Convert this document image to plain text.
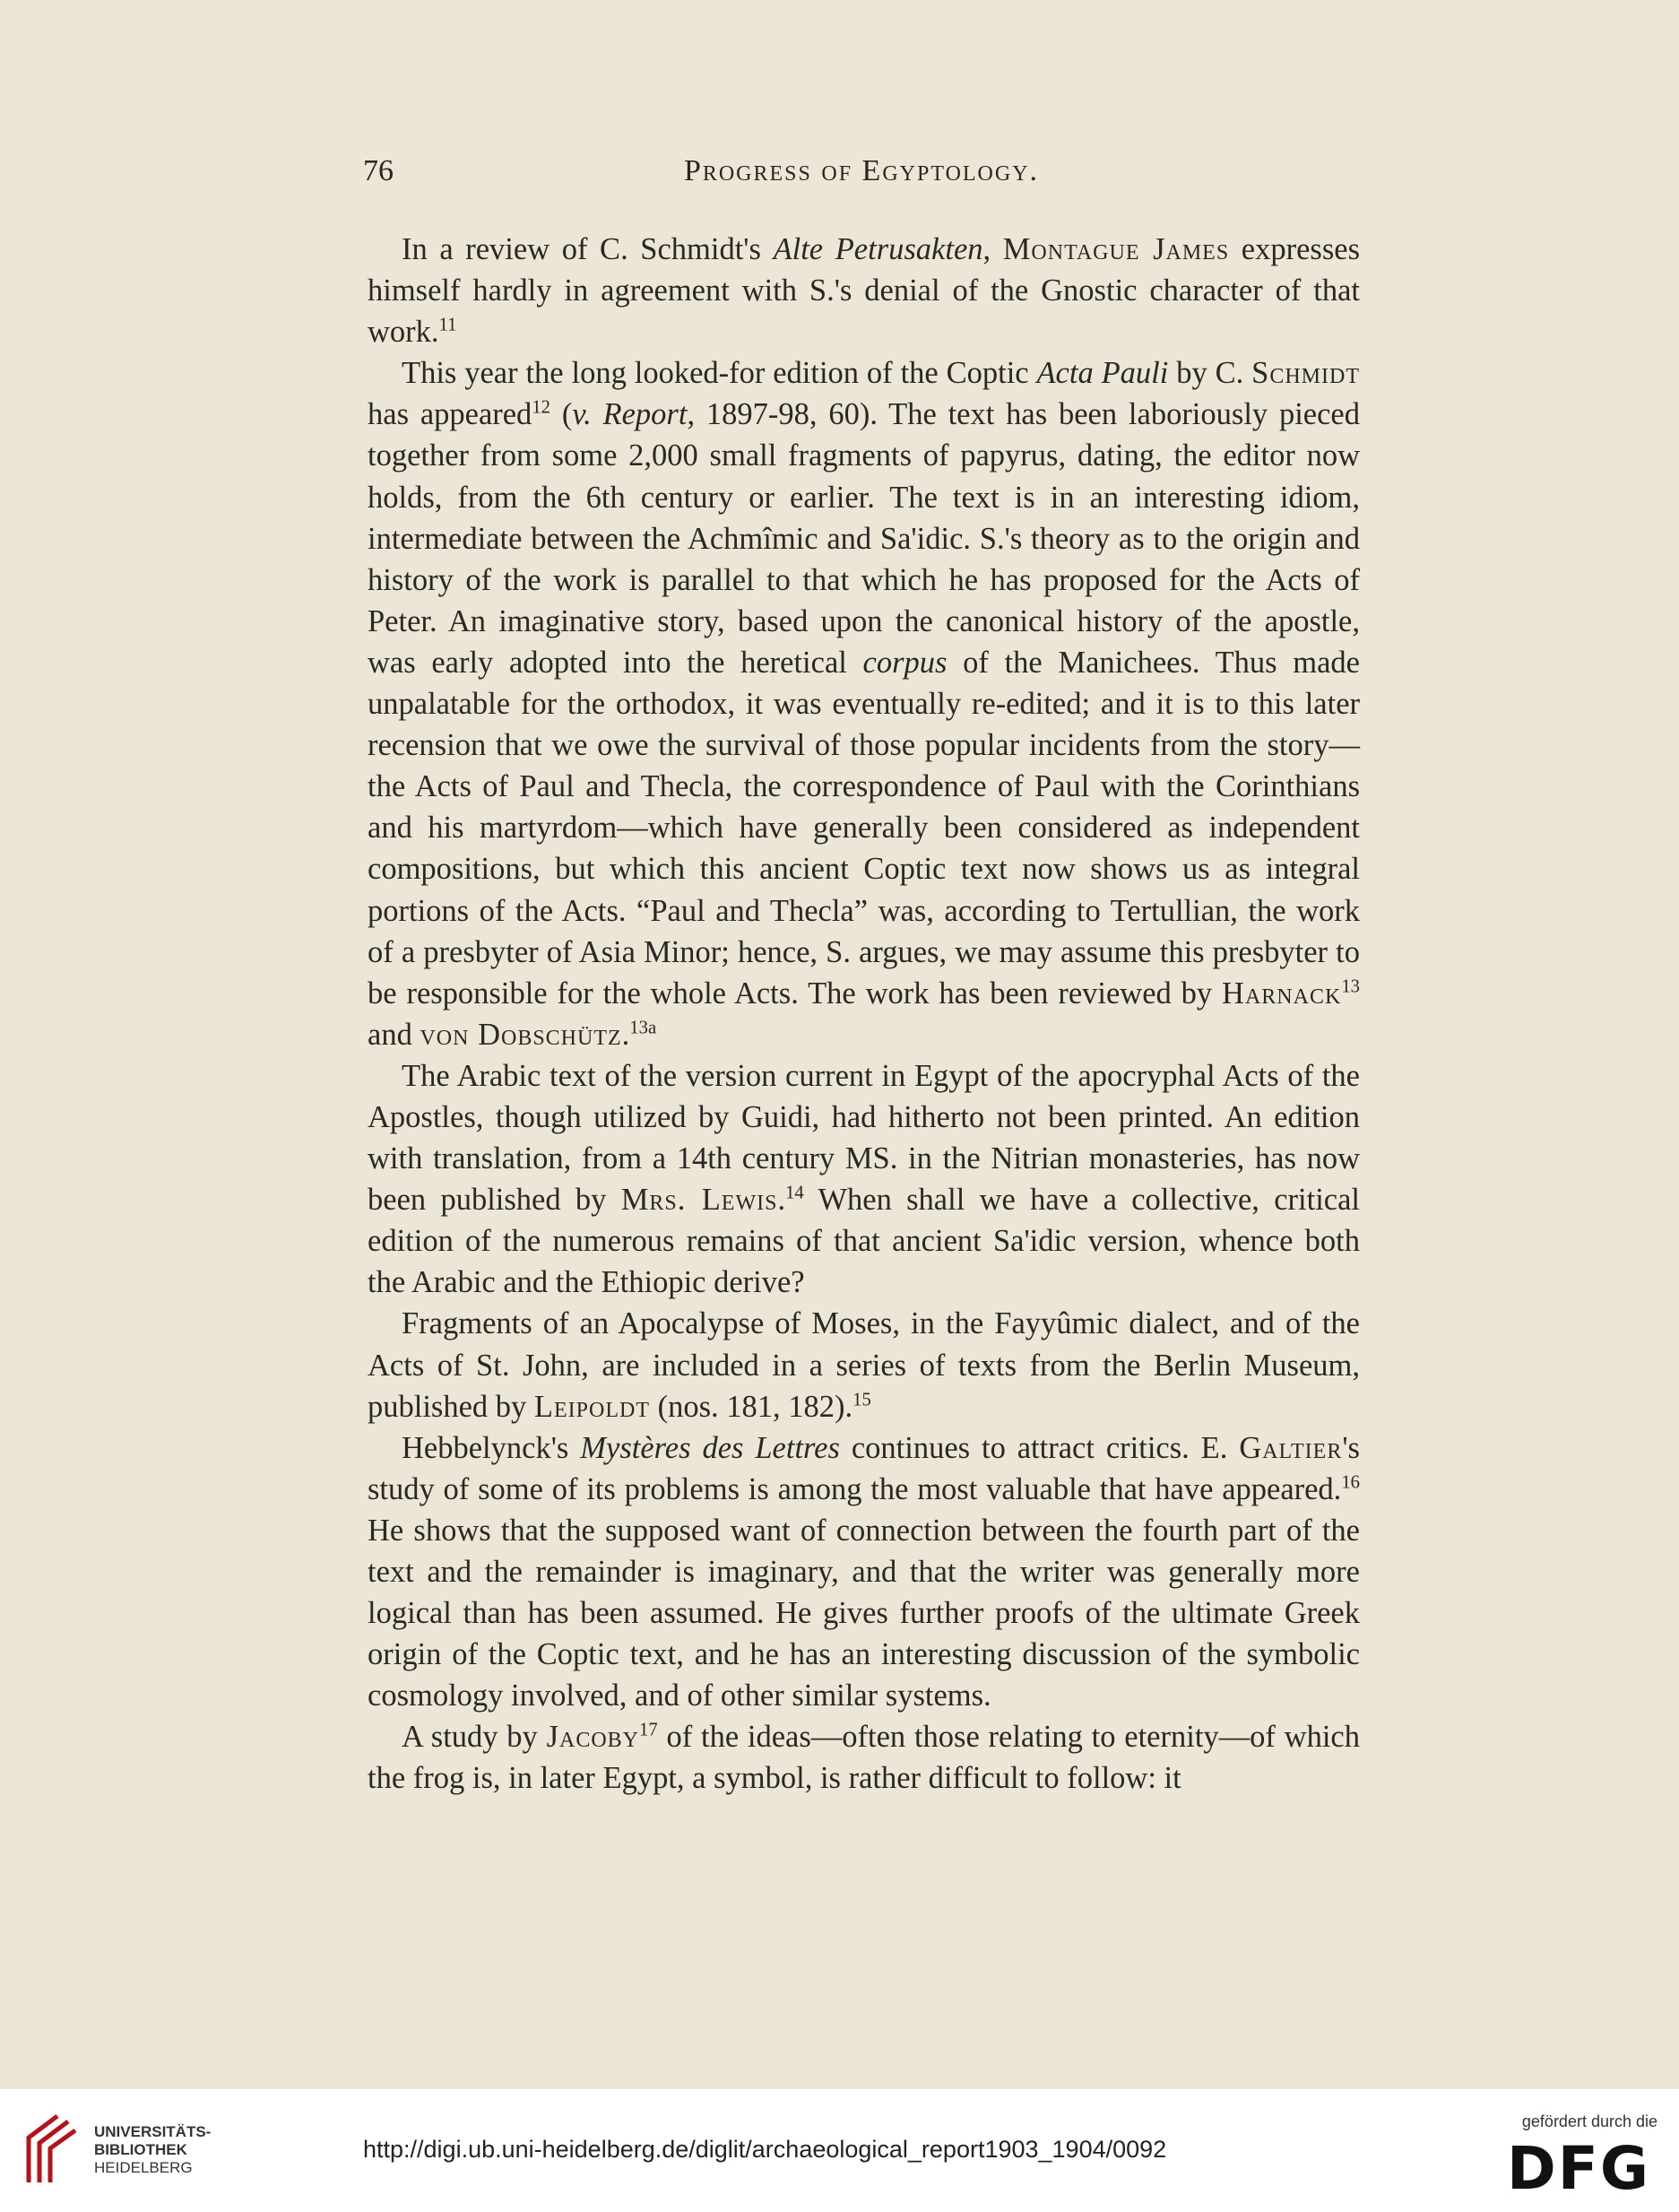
76	Progress of Egyptology.

In a review of C. Schmidt's Alte Petrusakten, Montague James expresses himself hardly in agreement with S.'s denial of the Gnostic character of that work.$^{11}$

This year the long looked-for edition of the Coptic Acta Pauli by C. Schmidt has appeared$^{12}$ (v. Report, 1897-98, 60). The text has been laboriously pieced together from some 2,000 small fragments of papyrus, dating, the editor now holds, from the 6th century or earlier. The text is in an interesting idiom, intermediate between the Achmîmic and Sa'idic. S.'s theory as to the origin and history of the work is parallel to that which he has proposed for the Acts of Peter. An imaginative story, based upon the canonical history of the apostle, was early adopted into the heretical corpus of the Manichees. Thus made unpalatable for the orthodox, it was eventually re-edited; and it is to this later recension that we owe the survival of those popular incidents from the story—the Acts of Paul and Thecla, the correspondence of Paul with the Corinthians and his martyrdom—which have generally been considered as independent compositions, but which this ancient Coptic text now shows us as integral portions of the Acts. “Paul and Thecla” was, according to Tertullian, the work of a presbyter of Asia Minor; hence, S. argues, we may assume this presbyter to be responsible for the whole Acts. The work has been reviewed by Harnack$^{13}$ and von Dobschütz.$^{13a}$

The Arabic text of the version current in Egypt of the apocryphal Acts of the Apostles, though utilized by Guidi, had hitherto not been printed. An edition with translation, from a 14th century MS. in the Nitrian monasteries, has now been published by Mrs. Lewis.$^{14}$ When shall we have a collective, critical edition of the numerous remains of that ancient Sa'idic version, whence both the Arabic and the Ethiopic derive?

Fragments of an Apocalypse of Moses, in the Fayyûmic dialect, and of the Acts of St. John, are included in a series of texts from the Berlin Museum, published by Leipoldt (nos. 181, 182).$^{15}$

Hebbelynck's Mystères des Lettres continues to attract critics. E. Galtier's study of some of its problems is among the most valuable that have appeared.$^{16}$ He shows that the supposed want of connection between the fourth part of the text and the remainder is imaginary, and that the writer was generally more logical than has been assumed. He gives further proofs of the ultimate Greek origin of the Coptic text, and he has an interesting discussion of the symbolic cosmology involved, and of other similar systems.

A study by Jacoby$^{17}$ of the ideas—often those relating to eternity—of which the frog is, in later Egypt, a symbol, is rather difficult to follow: it

UNIVERSITÄTS-
BIBLIOTHEK
HEIDELBERG
http://digi.ub.uni-heidelberg.de/diglit/archaeological_report1903_1904/0092
gefördert durch die
DFG
